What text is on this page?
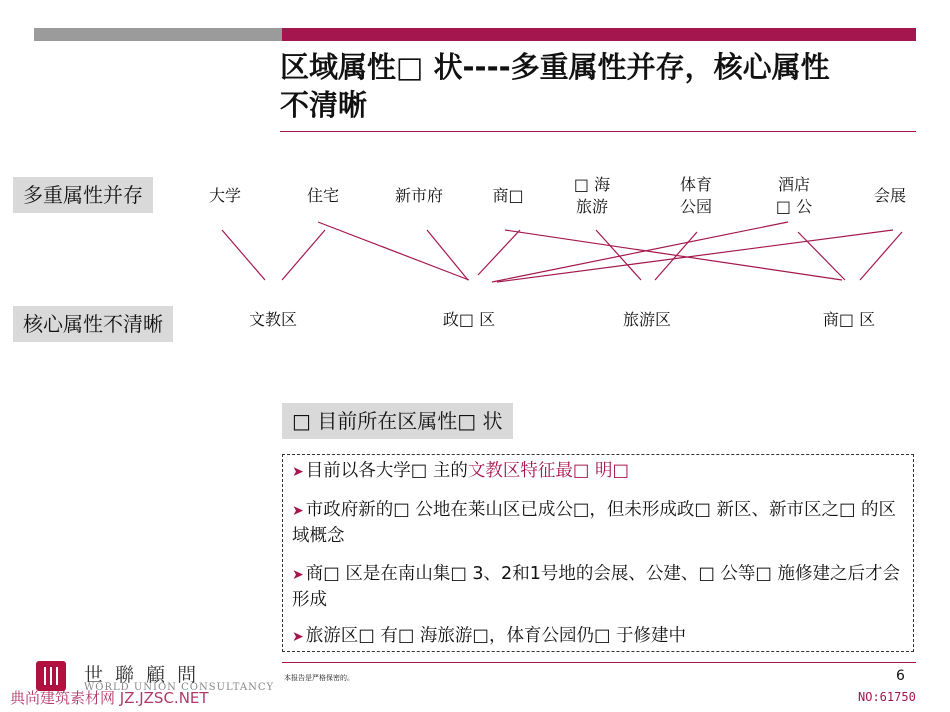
区域属性□ 状----多重属性并存，核心属性
不清晰
多重属性并存
核心属性不清晰
大学	住宅	新市府	商□
□ 海
旅游
体育
公园
酒店
□ 公
会展
文教区	政□ 区	旅游区	商□ 区
□ 目前所在区属性□ 状
➤ 目前以各大学□ 主的文教区特征最□ 明□
➤ 市政府新的□ 公地在莱山区已成公□，但未形成政□ 新区、新市区之□ 的区域概念
➤ 商□ 区是在南山集□ 3、2和1号地的会展、公建、□ 公等□ 施修建之后才会形成
➤ 旅游区□ 有□ 海旅游□，体育公园仍□ 于修建中
本报告是严格保密的。	6
世 聯 顧 問
WORLD UNION CONSULTANCY
典尚建筑素材网 JZ.JZSC.NET	NO:61750
